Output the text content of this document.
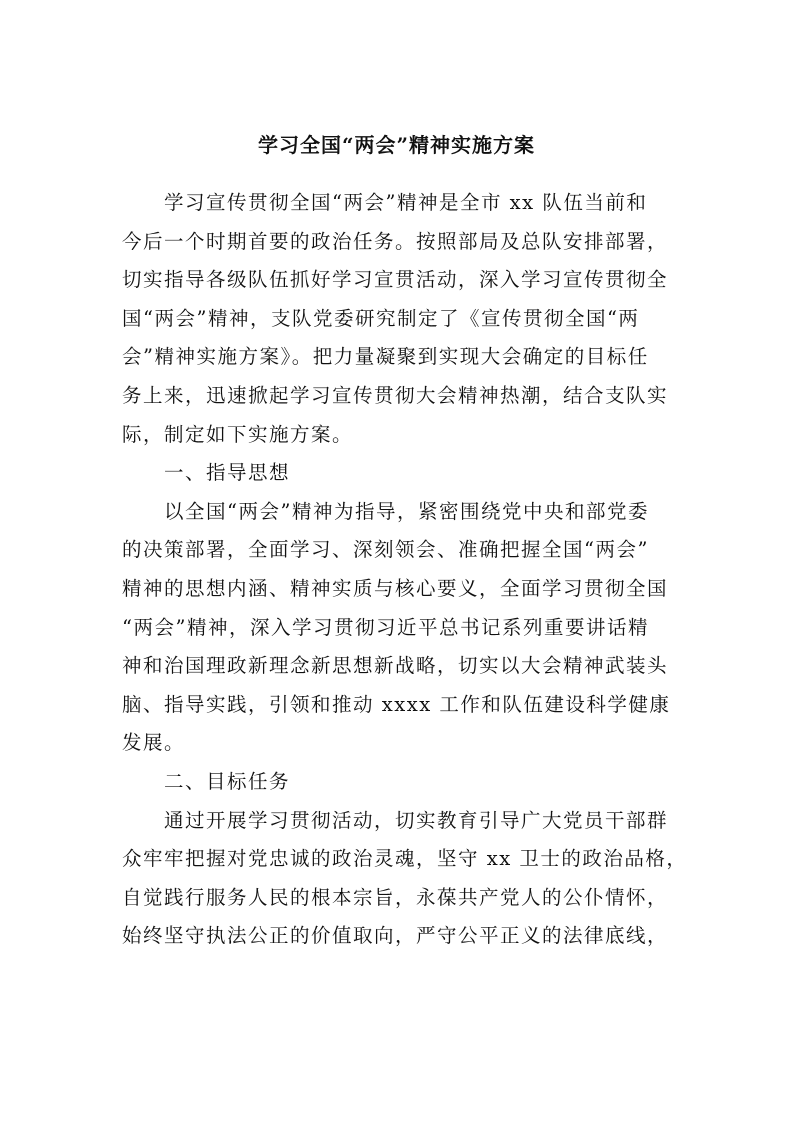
学习全国“两会”精神实施方案
学习宣传贯彻全国“两会”精神是全市 xx 队伍当前和
今后一个时期首要的政治任务。按照部局及总队安排部署，
切实指导各级队伍抓好学习宣贯活动，深入学习宣传贯彻全
国“两会”精神，支队党委研究制定了《宣传贯彻全国“两
会”精神实施方案》。把力量凝聚到实现大会确定的目标任
务上来，迅速掀起学习宣传贯彻大会精神热潮，结合支队实
际，制定如下实施方案。
一、指导思想
以全国“两会”精神为指导，紧密围绕党中央和部党委
的决策部署，全面学习、深刻领会、准确把握全国“两会”
精神的思想内涵、精神实质与核心要义，全面学习贯彻全国
“两会”精神，深入学习贯彻习近平总书记系列重要讲话精
神和治国理政新理念新思想新战略，切实以大会精神武装头
脑、指导实践，引领和推动 xxxx 工作和队伍建设科学健康
发展。
二、目标任务
通过开展学习贯彻活动，切实教育引导广大党员干部群
众牢牢把握对党忠诚的政治灵魂，坚守 xx 卫士的政治品格，
自觉践行服务人民的根本宗旨，永葆共产党人的公仆情怀，
始终坚守执法公正的价值取向，严守公平正义的法律底线，
